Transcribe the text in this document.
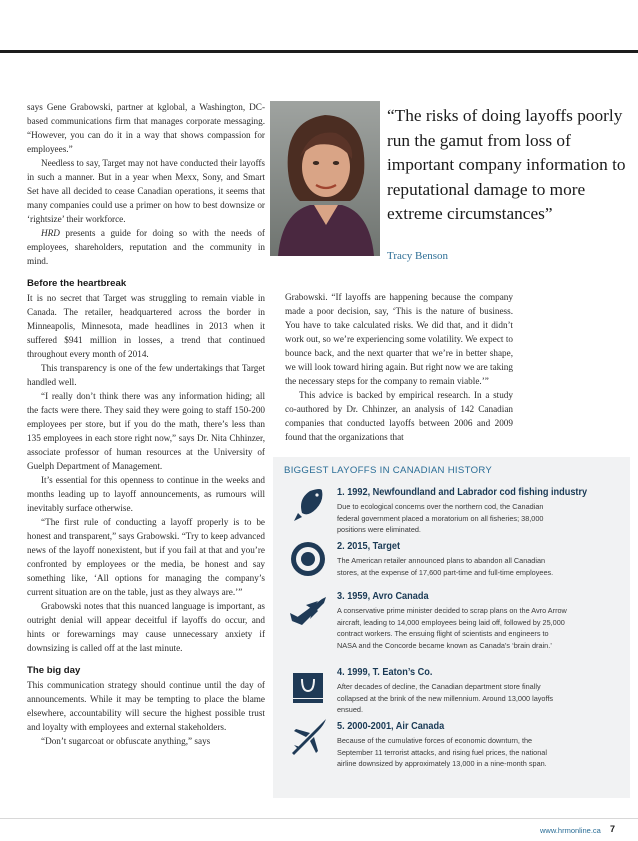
says Gene Grabowski, partner at kglobal, a Washington, DC-based communications firm that manages corporate messaging. “However, you can do it in a way that shows compassion for employees.”

Needless to say, Target may not have conducted their layoffs in such a manner. But in a year when Mexx, Sony, and Smart Set have all decided to cease Canadian operations, it seems that many companies could use a primer on how to best downsize or ‘rightsize’ their workforce.

HRD presents a guide for doing so with the needs of employees, shareholders, reputation and the community in mind.

Before the heartbreak

It is no secret that Target was struggling to remain viable in Canada. The retailer, headquartered across the border in Minneapolis, Minnesota, made headlines in 2013 when it suffered $941 million in losses, a trend that continued throughout every month of 2014.

This transparency is one of the few undertakings that Target handled well.

“I really don’t think there was any information hiding; all the facts were there. They said they were going to staff 150-200 employees per store, but if you do the math, there’s less than 135 employees in each store right now,” says Dr. Nita Chhinzer, associate professor of human resources at the University of Guelph Department of Management.

It’s essential for this openness to continue in the weeks and months leading up to layoff announcements, as rumours will inevitably surface otherwise.

“The first rule of conducting a layoff properly is to be honest and transparent,” says Grabowski. “Try to keep advanced news of the layoff nonexistent, but if you fail at that and you’re confronted by employees or the media, be honest and say something like, ‘All options for managing the company’s current situation are on the table, just as they always are.’”

Grabowski notes that this nuanced language is important, as outright denial will appear deceitful if layoffs do occur, and hints or forewarnings may cause unnecessary anxiety if downsizing is called off at the last minute.

The big day

This communication strategy should continue until the day of announcements. While it may be tempting to place the blame elsewhere, accountability will secure the highest possible trust and loyalty with employees and external stakeholders.

“Don’t sugarcoat or obfuscate anything,” says

“The risks of doing layoffs poorly run the gamut from loss of important company information to reputational damage to more extreme circumstances”
Tracy Benson

Grabowski. “If layoffs are happening because the company made a poor decision, say, ‘This is the nature of business. You have to take calculated risks. We did that, and it didn’t work out, so we’re experiencing some volatility. We expect to bounce back, and the next quarter that we’re in better shape, we will look toward hiring again. But right now we are taking the necessary steps for the company to remain viable.’”

This advice is backed by empirical research. In a study co-authored by Dr. Chhinzer, an analysis of 142 Canadian companies that conducted layoffs between 2006 and 2009 found that the organizations that

BIGGEST LAYOFFS IN CANADIAN HISTORY
1. 1992, Newfoundland and Labrador cod fishing industry
Due to ecological concerns over the northern cod, the Canadian federal government placed a moratorium on all fisheries; 38,000 positions were eliminated.
2. 2015, Target
The American retailer announced plans to abandon all Canadian stores, at the expense of 17,600 part-time and full-time employees.
3. 1959, Avro Canada
A conservative prime minister decided to scrap plans on the Avro Arrow aircraft, leading to 14,000 employees being laid off, followed by 25,000 contract workers. The ensuing flight of scientists and engineers to NASA and the Concorde became known as Canada’s ‘brain drain.’
4. 1999, T. Eaton’s Co.
After decades of decline, the Canadian department store finally collapsed at the brink of the new millennium. Around 13,000 layoffs ensued.
5. 2000-2001, Air Canada
Because of the cumulative forces of economic downturn, the September 11 terrorist attacks, and rising fuel prices, the national airline downsized by approximately 13,000 in a nine-month span.
www.hrmonline.ca 7
